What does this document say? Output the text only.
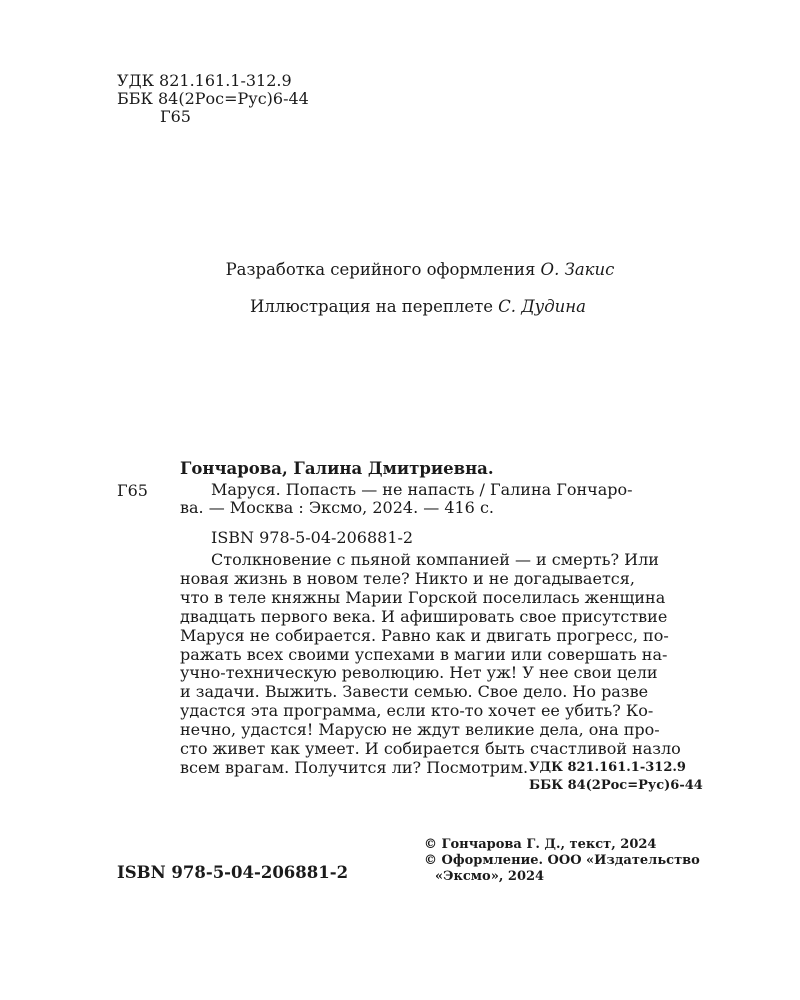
УДК 821.161.1-312.9
ББК 84(2Рос=Рус)6-44
Г65
Разработка серийного оформления О. Закис
Иллюстрация на переплете С. Дудина
Гончарова, Галина Дмитриевна.
Г65	Маруся. Попасть — не напасть / Галина Гончаро-
ва. — Москва : Эксмо, 2024. — 416 с.
ISBN 978-5-04-206881-2
Столкновение с пьяной компанией — и смерть? Или
новая жизнь в новом теле? Никто и не догадывается,
что в теле княжны Марии Горской поселилась женщина
двадцать первого века. И афишировать свое присутствие
Маруся не собирается. Равно как и двигать прогресс, по-
ражать всех своими успехами в магии или совершать на-
учно-техническую революцию. Нет уж! У нее свои цели
и задачи. Выжить. Завести семью. Свое дело. Но разве
удастся эта программа, если кто-то хочет ее убить? Ко-
нечно, удастся! Марусю не ждут великие дела, она про-
сто живет как умеет. И собирается быть счастливой назло
всем врагам. Получится ли? Посмотрим. УДК 821.161.1-312.9
ББК 84(2Рос=Рус)6-44
ISBN 978-5-04-206881-2
© Гончарова Г. Д., текст, 2024
© Оформление. ООО «Издательство
«Эксмо», 2024
